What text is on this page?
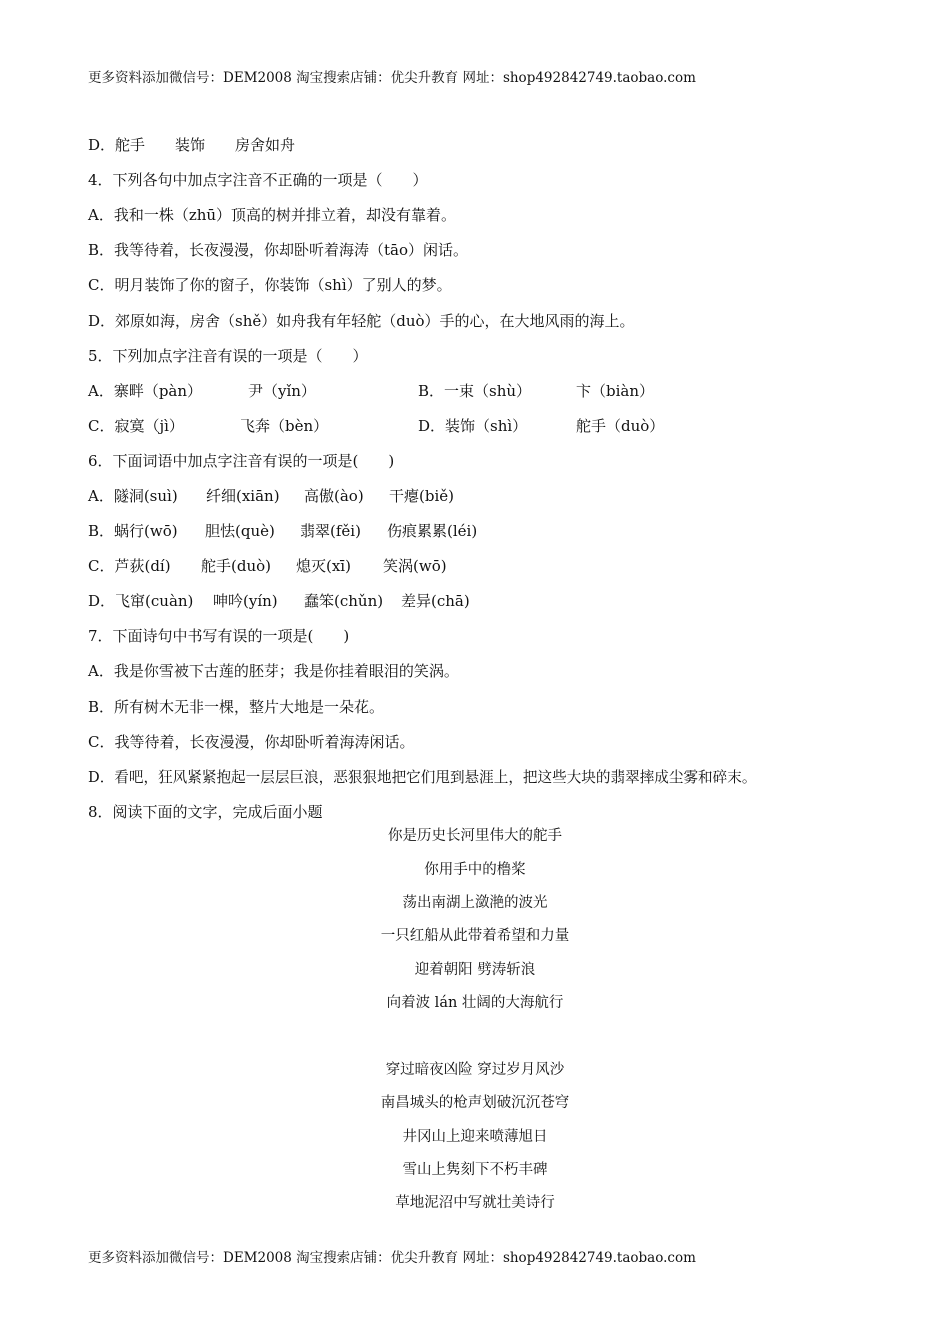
更多资料添加微信号：DEM2008 淘宝搜索店铺：优尖升教育 网址：shop492842749.taobao.com
D．舵手　　装饰　　房舍如舟
4．下列各句中加点字注音不正确的一项是（　　）
A．我和一株（zhū）顶高的树并排立着，却没有靠着。
B．我等待着，长夜漫漫，你却卧听着海涛（tāo）闲话。
C．明月装饰了你的窗子，你装饰（shì）了别人的梦。
D．郊原如海，房舍（shě）如舟我有年轻舵（duò）手的心，在大地风雨的海上。
5．下列加点字注音有误的一项是（　　）
A．寨畔（pàn）	尹（yǐn）	B．一束（shù）	卞（biàn）
C．寂寞（jì）	飞奔（bèn）	D．装饰（shì）	舵手（duò）
6．下面词语中加点字注音有误的一项是(　　)
A．隧洞(suì)	纤细(xiān)	高傲(ào)	干瘪(biě)
B．蜗行(wō)	胆怯(què)	翡翠(fěi)	伤痕累累(léi)
C．芦荻(dí)	舵手(duò)	熄灭(xī)	笑涡(wō)
D．飞窜(cuàn)	呻吟(yín)	蠢笨(chǔn)	差异(chā)
7．下面诗句中书写有误的一项是(　　)
A．我是你雪被下古莲的胚芽；我是你挂着眼泪的笑涡。
B．所有树木无非一棵，整片大地是一朵花。
C．我等待着，长夜漫漫，你却卧听着海涛闲话。
D．看吧，狂风紧紧抱起一层层巨浪，恶狠狠地把它们甩到悬涯上，把这些大块的翡翠摔成尘雾和碎末。
8．阅读下面的文字，完成后面小题
你是历史长河里伟大的舵手
你用手中的橹桨
荡出南湖上潋滟的波光
一只红船从此带着希望和力量
迎着朝阳 劈涛斩浪
向着波 lán 壮阔的大海航行
穿过暗夜凶险 穿过岁月风沙
南昌城头的枪声划破沉沉苍穹
井冈山上迎来喷薄旭日
雪山上隽刻下不朽丰碑
草地泥沼中写就壮美诗行
更多资料添加微信号：DEM2008 淘宝搜索店铺：优尖升教育 网址：shop492842749.taobao.com
